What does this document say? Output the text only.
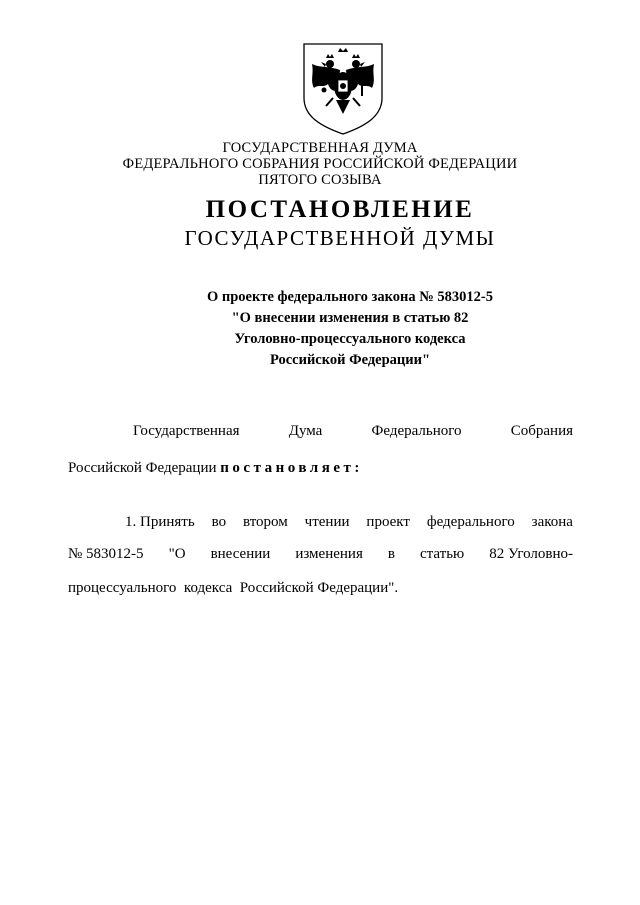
ГОСУДАРСТВЕННАЯ ДУМА
ФЕДЕРАЛЬНОГО СОБРАНИЯ РОССИЙСКОЙ ФЕДЕРАЦИИ
ПЯТОГО СОЗЫВА
ПОСТАНОВЛЕНИЕ
ГОСУДАРСТВЕННОЙ ДУМЫ
О проекте федерального закона № 583012-5
"О внесении изменения в статью 82
Уголовно-процессуального кодекса
Российской Федерации"
Государственная	Дума	Федерального	Собрания
Российской Федерации постановляет:
1. Принять во втором чтении проект федерального закона
№ 583012-5 "О внесении изменения в статью 82 Уголовно-
процессуального  кодекса  Российской Федерации".
